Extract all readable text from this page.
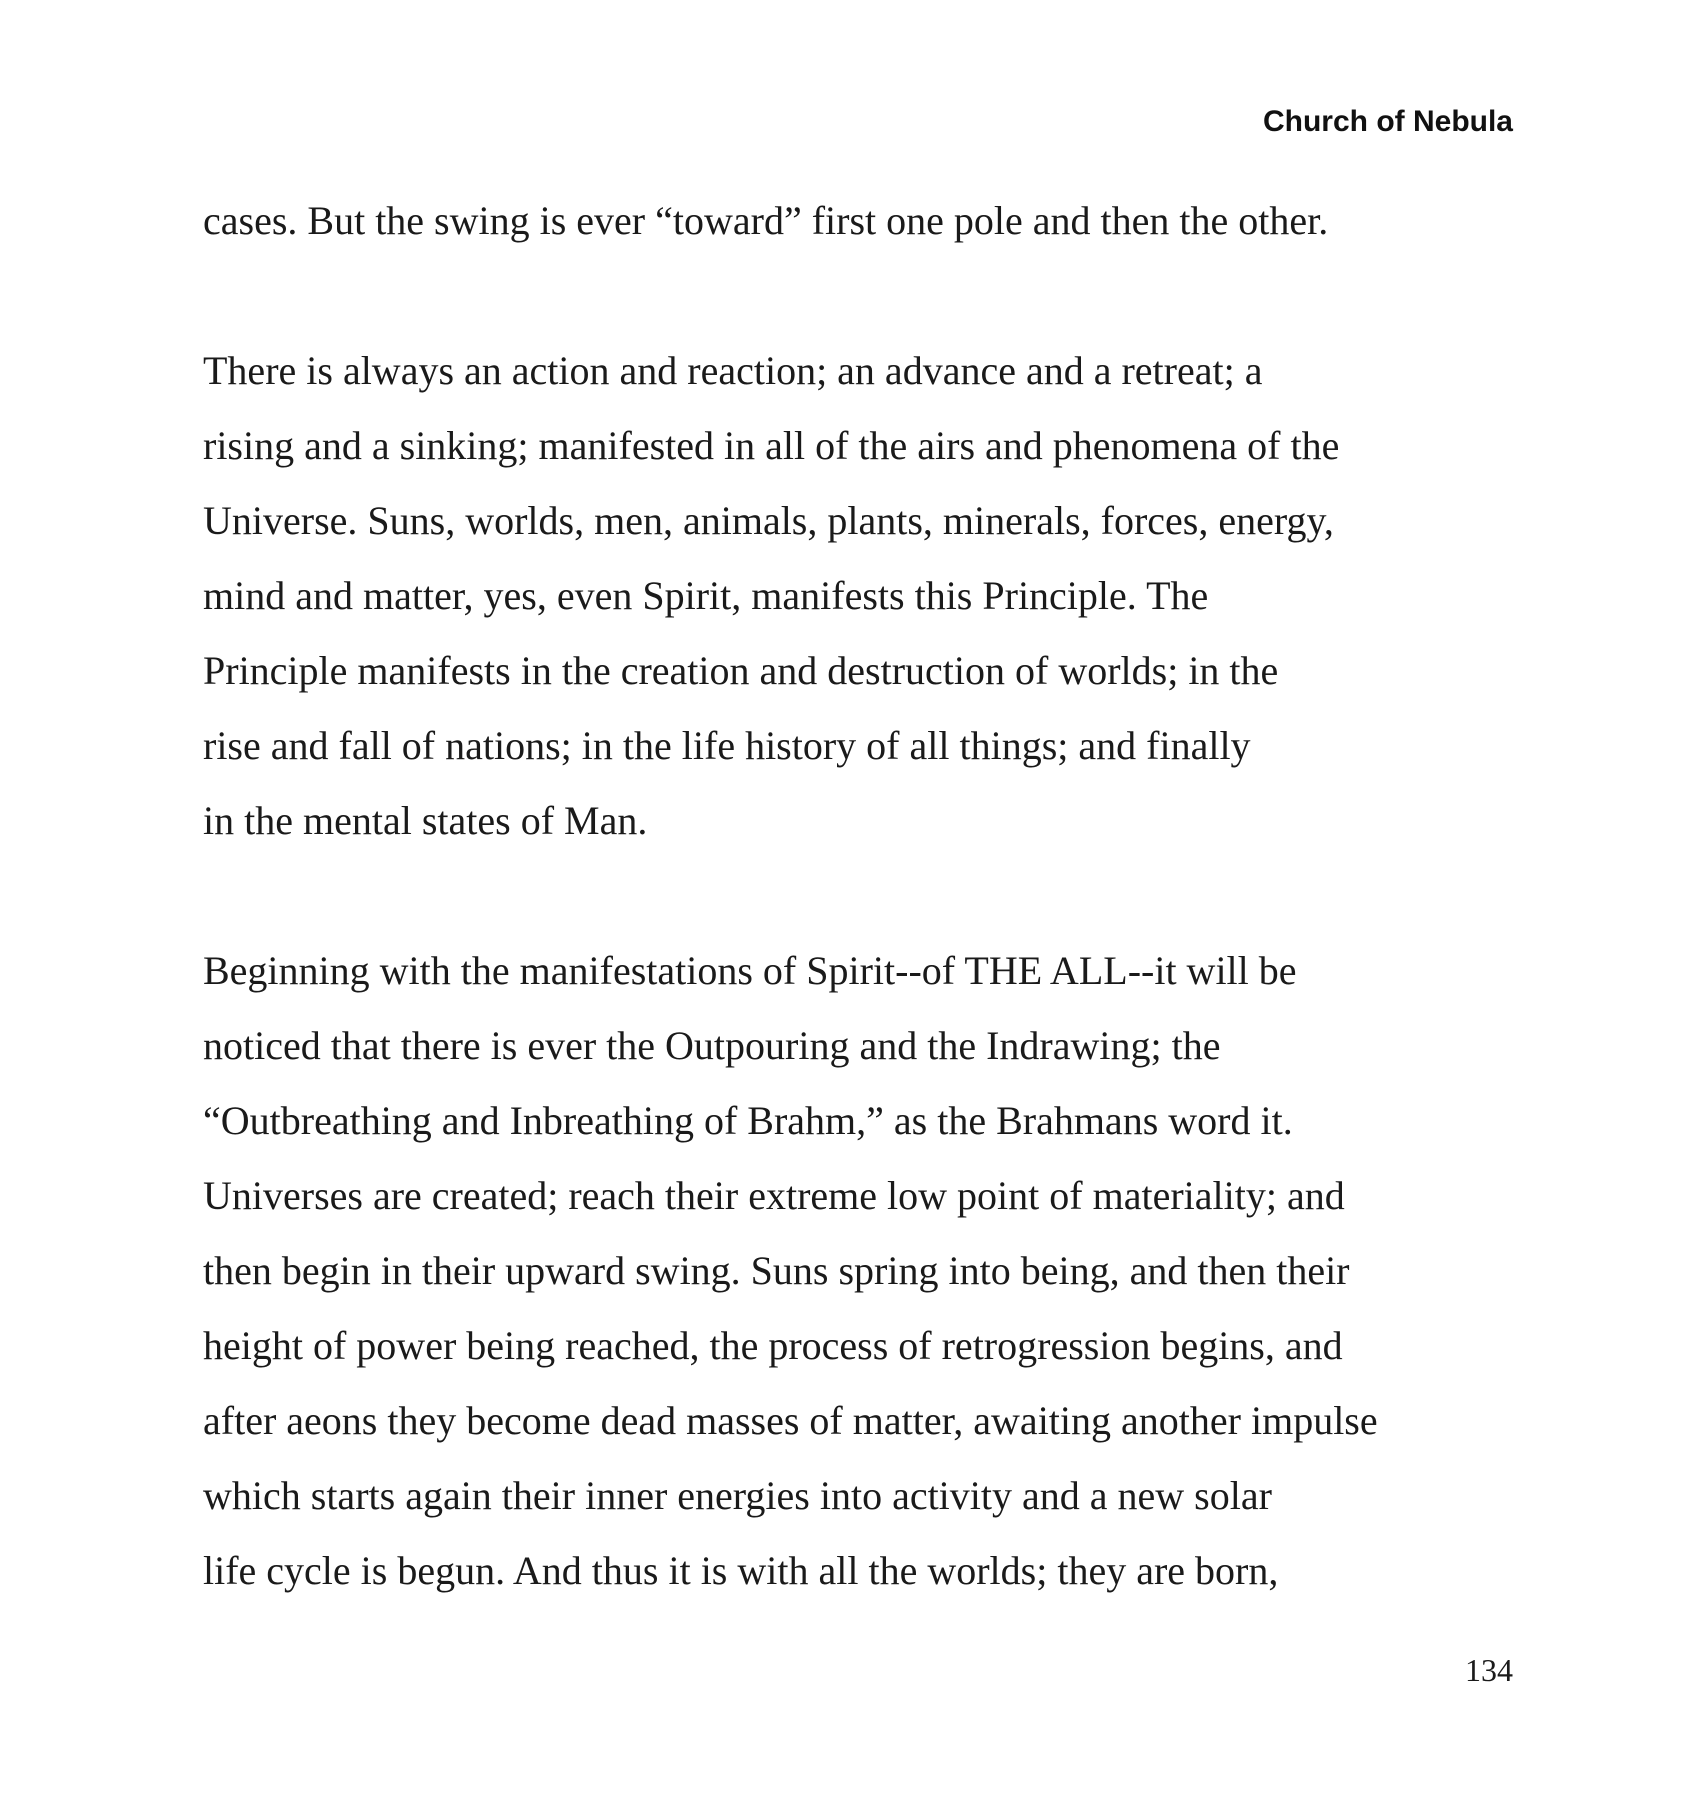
Church of Nebula
cases. But the swing is ever “toward” first one pole and then the other.
There is always an action and reaction; an advance and a retreat; a
rising and a sinking; manifested in all of the airs and phenomena of the
Universe. Suns, worlds, men, animals, plants, minerals, forces, energy,
mind and matter, yes, even Spirit, manifests this Principle. The
Principle manifests in the creation and destruction of worlds; in the
rise and fall of nations; in the life history of all things; and finally
in the mental states of Man.
Beginning with the manifestations of Spirit--of THE ALL--it will be
noticed that there is ever the Outpouring and the Indrawing; the
“Outbreathing and Inbreathing of Brahm,” as the Brahmans word it.
Universes are created; reach their extreme low point of materiality; and
then begin in their upward swing. Suns spring into being, and then their
height of power being reached, the process of retrogression begins, and
after aeons they become dead masses of matter, awaiting another impulse
which starts again their inner energies into activity and a new solar
life cycle is begun. And thus it is with all the worlds; they are born,
134
